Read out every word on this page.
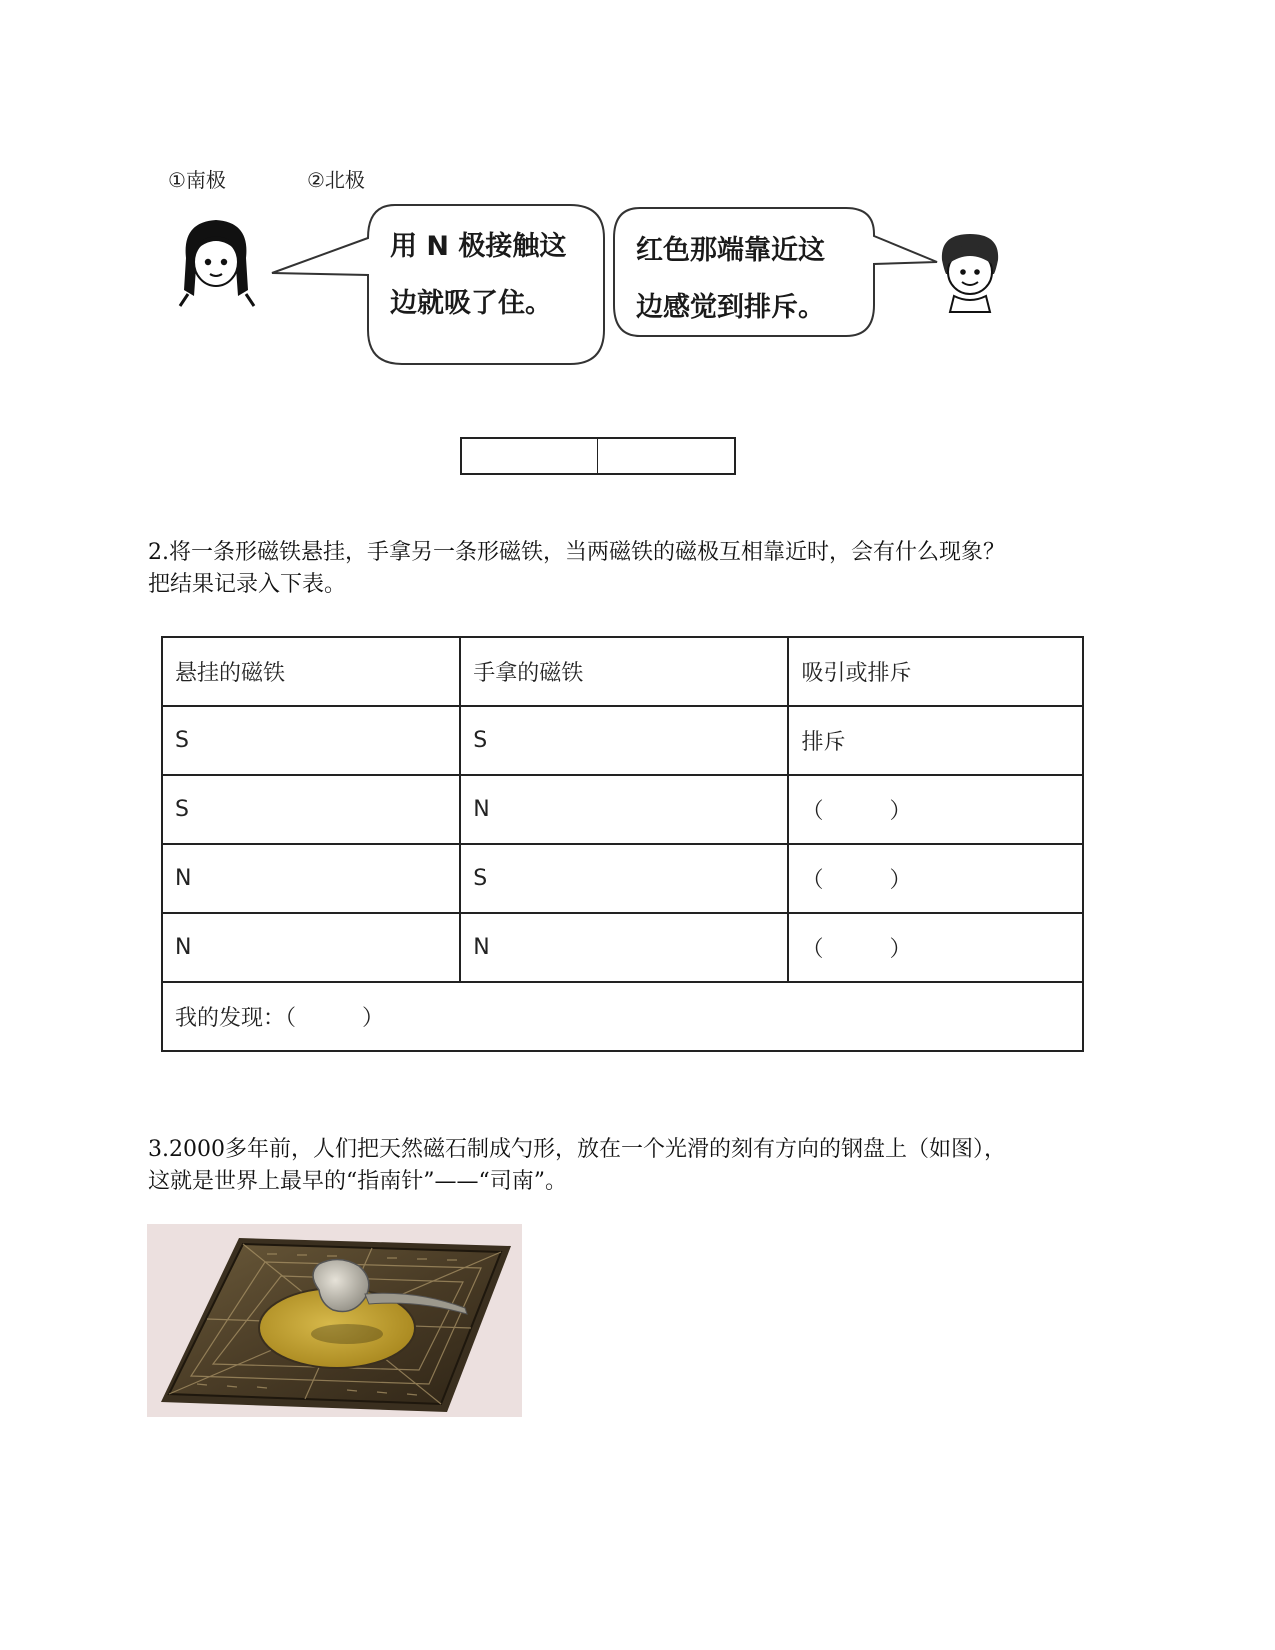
①南极	②北极
用 N 极接触这
边就吸了住。
红色那端靠近这
边感觉到排斥。
2.将一条形磁铁悬挂，手拿另一条形磁铁，当两磁铁的磁极互相靠近时，会有什么现象？
把结果记录入下表。
悬挂的磁铁	手拿的磁铁	吸引或排斥
S	S	排斥
S	N	（　　　）
N	S	（　　　）
N	N	（　　　）
我的发现：（　　　）		
3.2000多年前，人们把天然磁石制成勺形，放在一个光滑的刻有方向的钢盘上（如图），
这就是世界上最早的“指南针”——“司南”。
